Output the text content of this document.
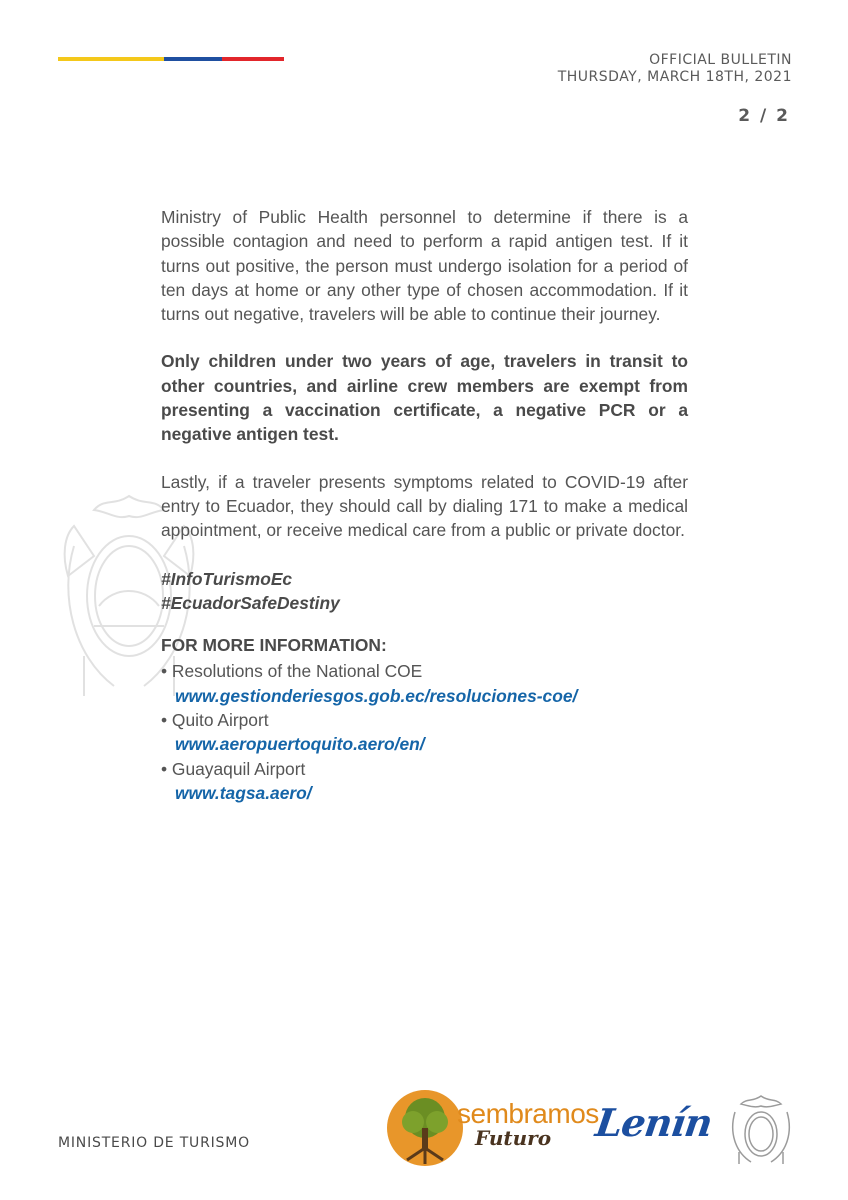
OFFICIAL BULLETIN
THURSDAY, MARCH 18TH, 2021
2 / 2

Ministry of Public Health personnel to determine if there is a possible contagion and need to perform a rapid antigen test. If it turns out positive, the person must undergo isolation for a period of ten days at home or any other type of chosen accommodation. If it turns out negative, travelers will be able to continue their journey.

Only children under two years of age, travelers in transit to other countries, and airline crew members are exempt from presenting a vaccination certificate, a negative PCR or a negative antigen test.

Lastly, if a traveler presents symptoms related to COVID-19 after entry to Ecuador, they should call by dialing 171 to make a medical appointment, or receive medical care from a public or private doctor.

#InfoTurismoEc
#EcuadorSafeDestiny
FOR MORE INFORMATION:
• Resolutions of the National COE
www.gestionderiesgos.gob.ec/resoluciones-coe/
• Quito Airport
www.aeropuertoquito.aero/en/
• Guayaquil Airport
www.tagsa.aero/
MINISTERIO DE TURISMO
sembramos
Futuro	Lenín
